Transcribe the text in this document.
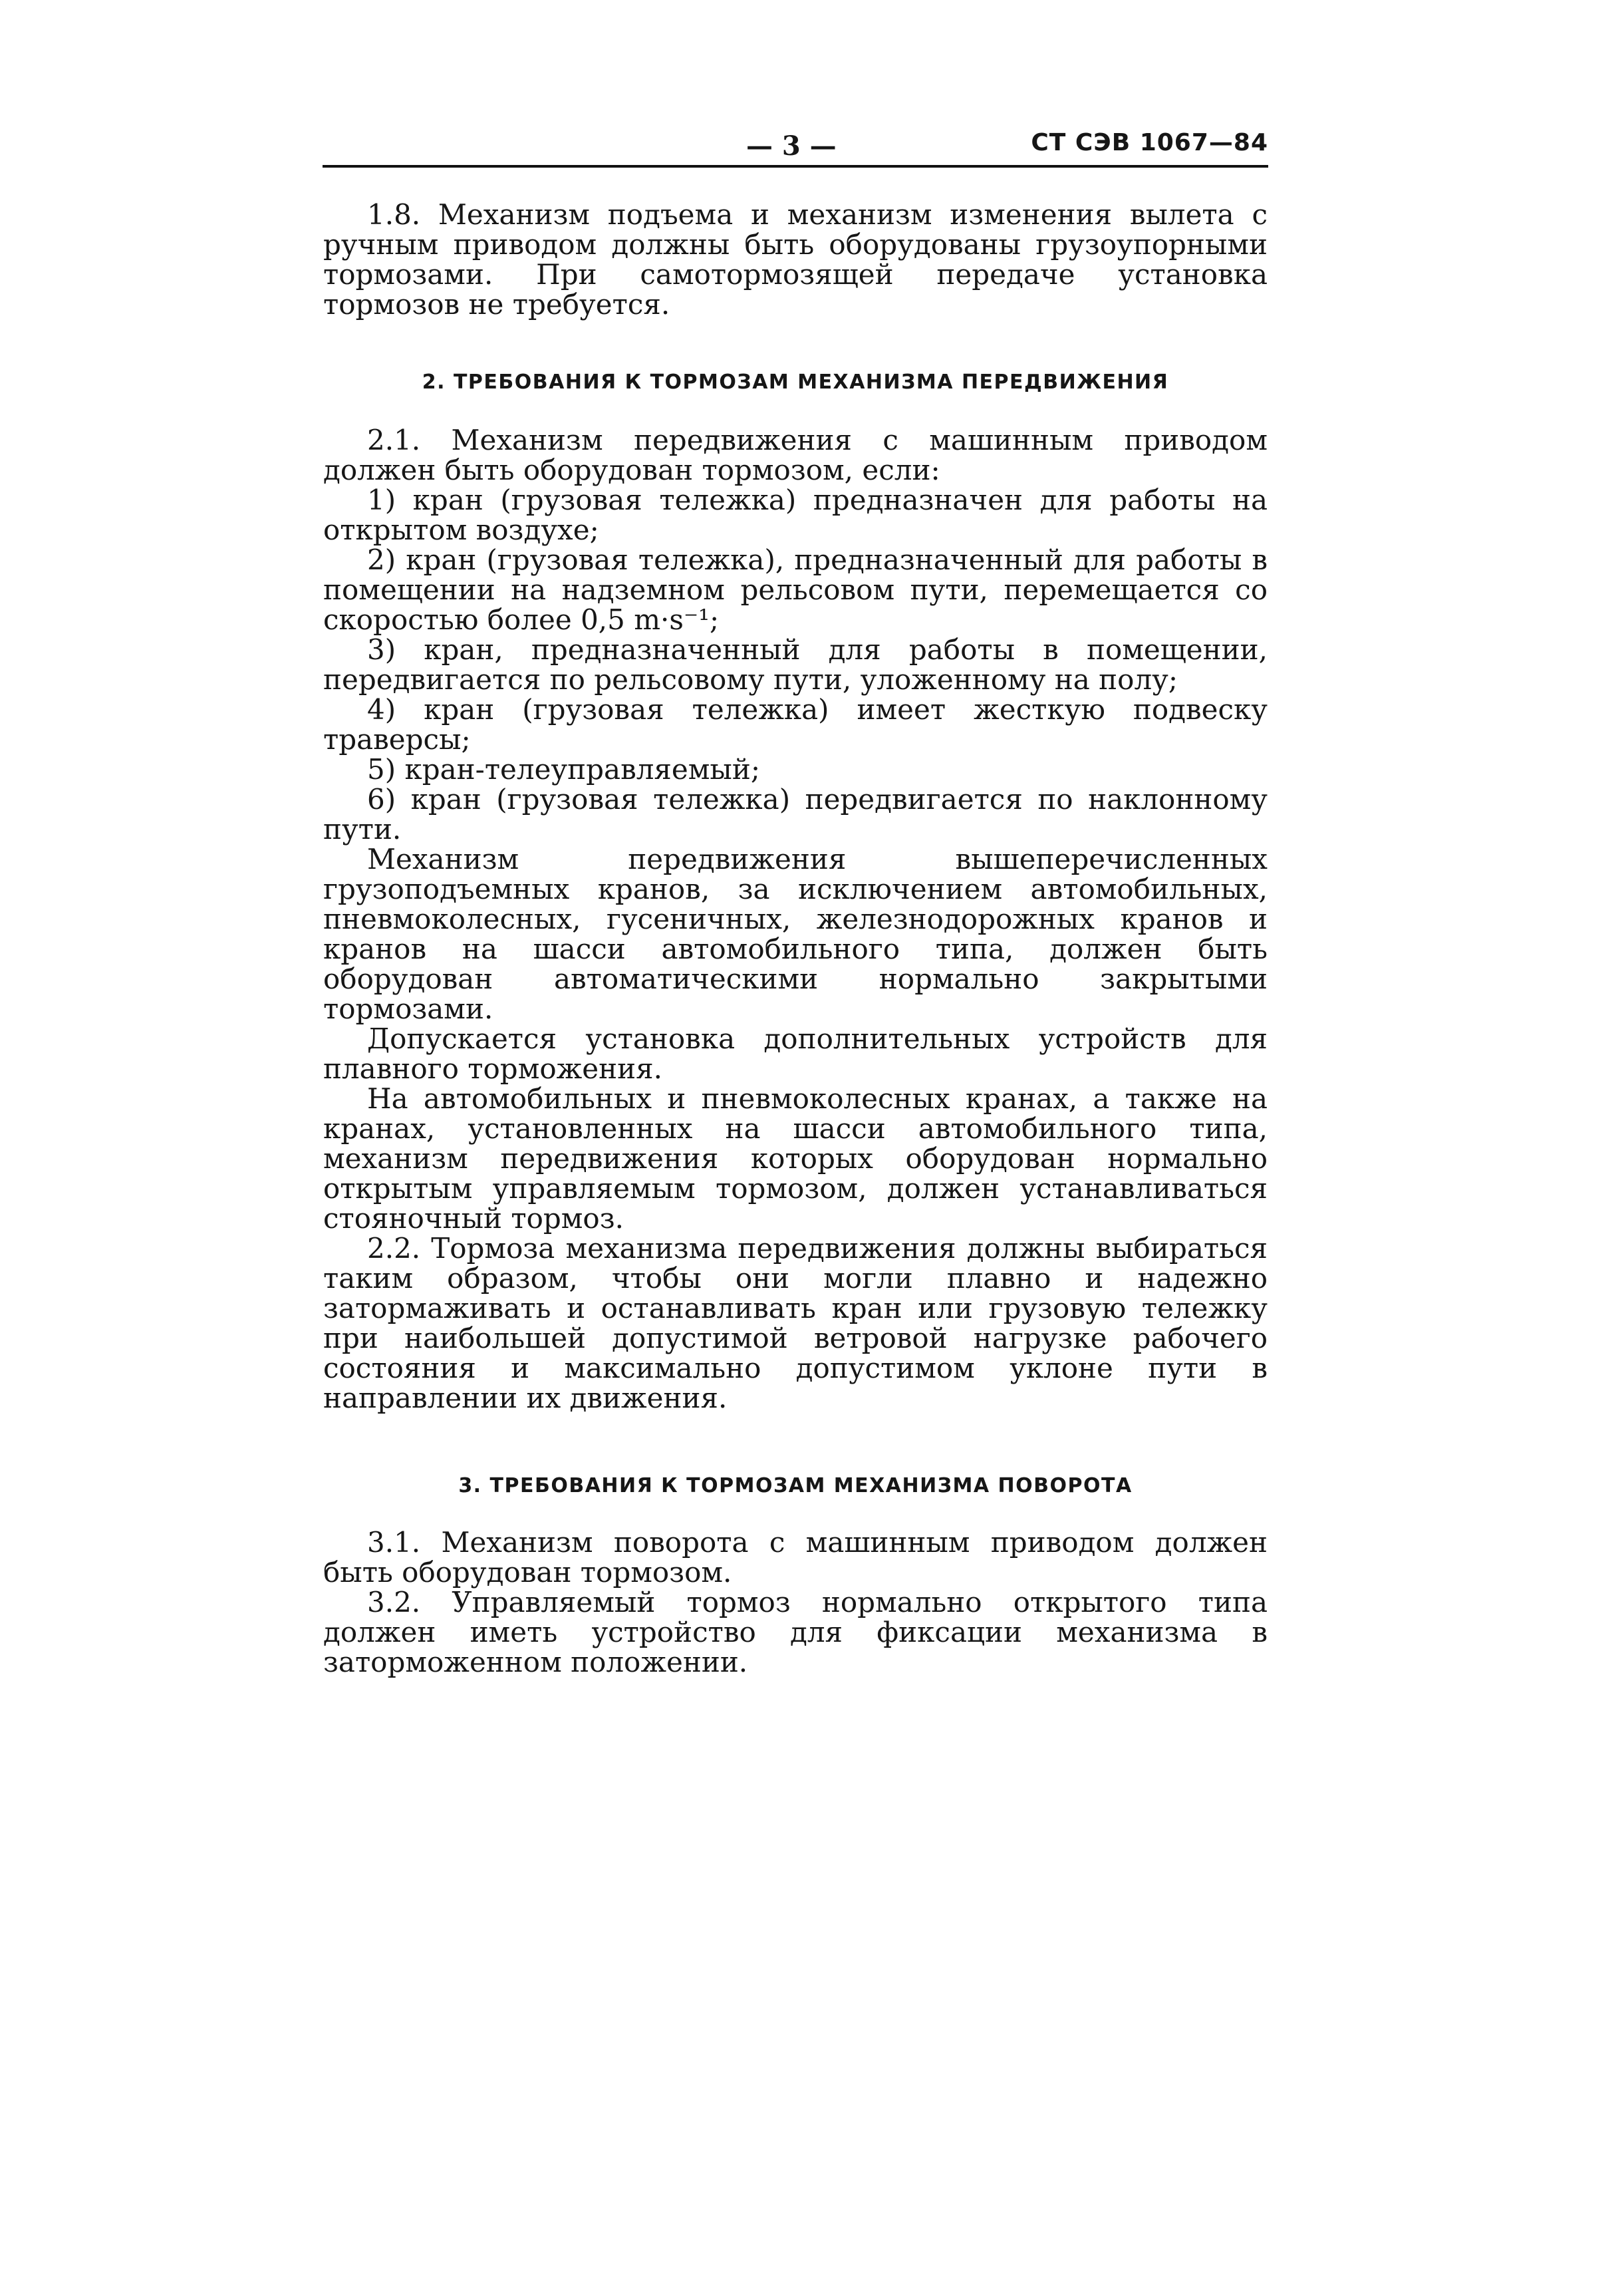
— 3 —	СТ СЭВ 1067—84

1.8. Механизм подъема и механизм изменения вылета с ручным приводом должны быть оборудованы грузоупорными тормозами. При самотормозящей передаче установка тормозов не требуется.

2. ТРЕБОВАНИЯ К ТОРМОЗАМ МЕХАНИЗМА ПЕРЕДВИЖЕНИЯ

2.1. Механизм передвижения с машинным приводом должен быть оборудован тормозом, если:

1) кран (грузовая тележка) предназначен для работы на открытом воздухе;

2) кран (грузовая тележка), предназначенный для работы в помещении на надземном рельсовом пути, перемещается со скоростью более 0,5 m·s⁻¹;

3) кран, предназначенный для работы в помещении, передвигается по рельсовому пути, уложенному на полу;

4) кран (грузовая тележка) имеет жесткую подвеску траверсы;

5) кран-телеуправляемый;

6) кран (грузовая тележка) передвигается по наклонному пути.

Механизм передвижения вышеперечисленных грузоподъемных кранов, за исключением автомобильных, пневмоколесных, гусеничных, железнодорожных кранов и кранов на шасси автомобильного типа, должен быть оборудован автоматическими нормально закрытыми тормозами.

Допускается установка дополнительных устройств для плавного торможения.

На автомобильных и пневмоколесных кранах, а также на кранах, установленных на шасси автомобильного типа, механизм передвижения которых оборудован нормально открытым управляемым тормозом, должен устанавливаться стояночный тормоз.

2.2. Тормоза механизма передвижения должны выбираться таким образом, чтобы они могли плавно и надежно затормаживать и останавливать кран или грузовую тележку при наибольшей допустимой ветровой нагрузке рабочего состояния и максимально допустимом уклоне пути в направлении их движения.

3. ТРЕБОВАНИЯ К ТОРМОЗАМ МЕХАНИЗМА ПОВОРОТА

3.1. Механизм поворота с машинным приводом должен быть оборудован тормозом.

3.2. Управляемый тормоз нормально открытого типа должен иметь устройство для фиксации механизма в заторможенном положении.
